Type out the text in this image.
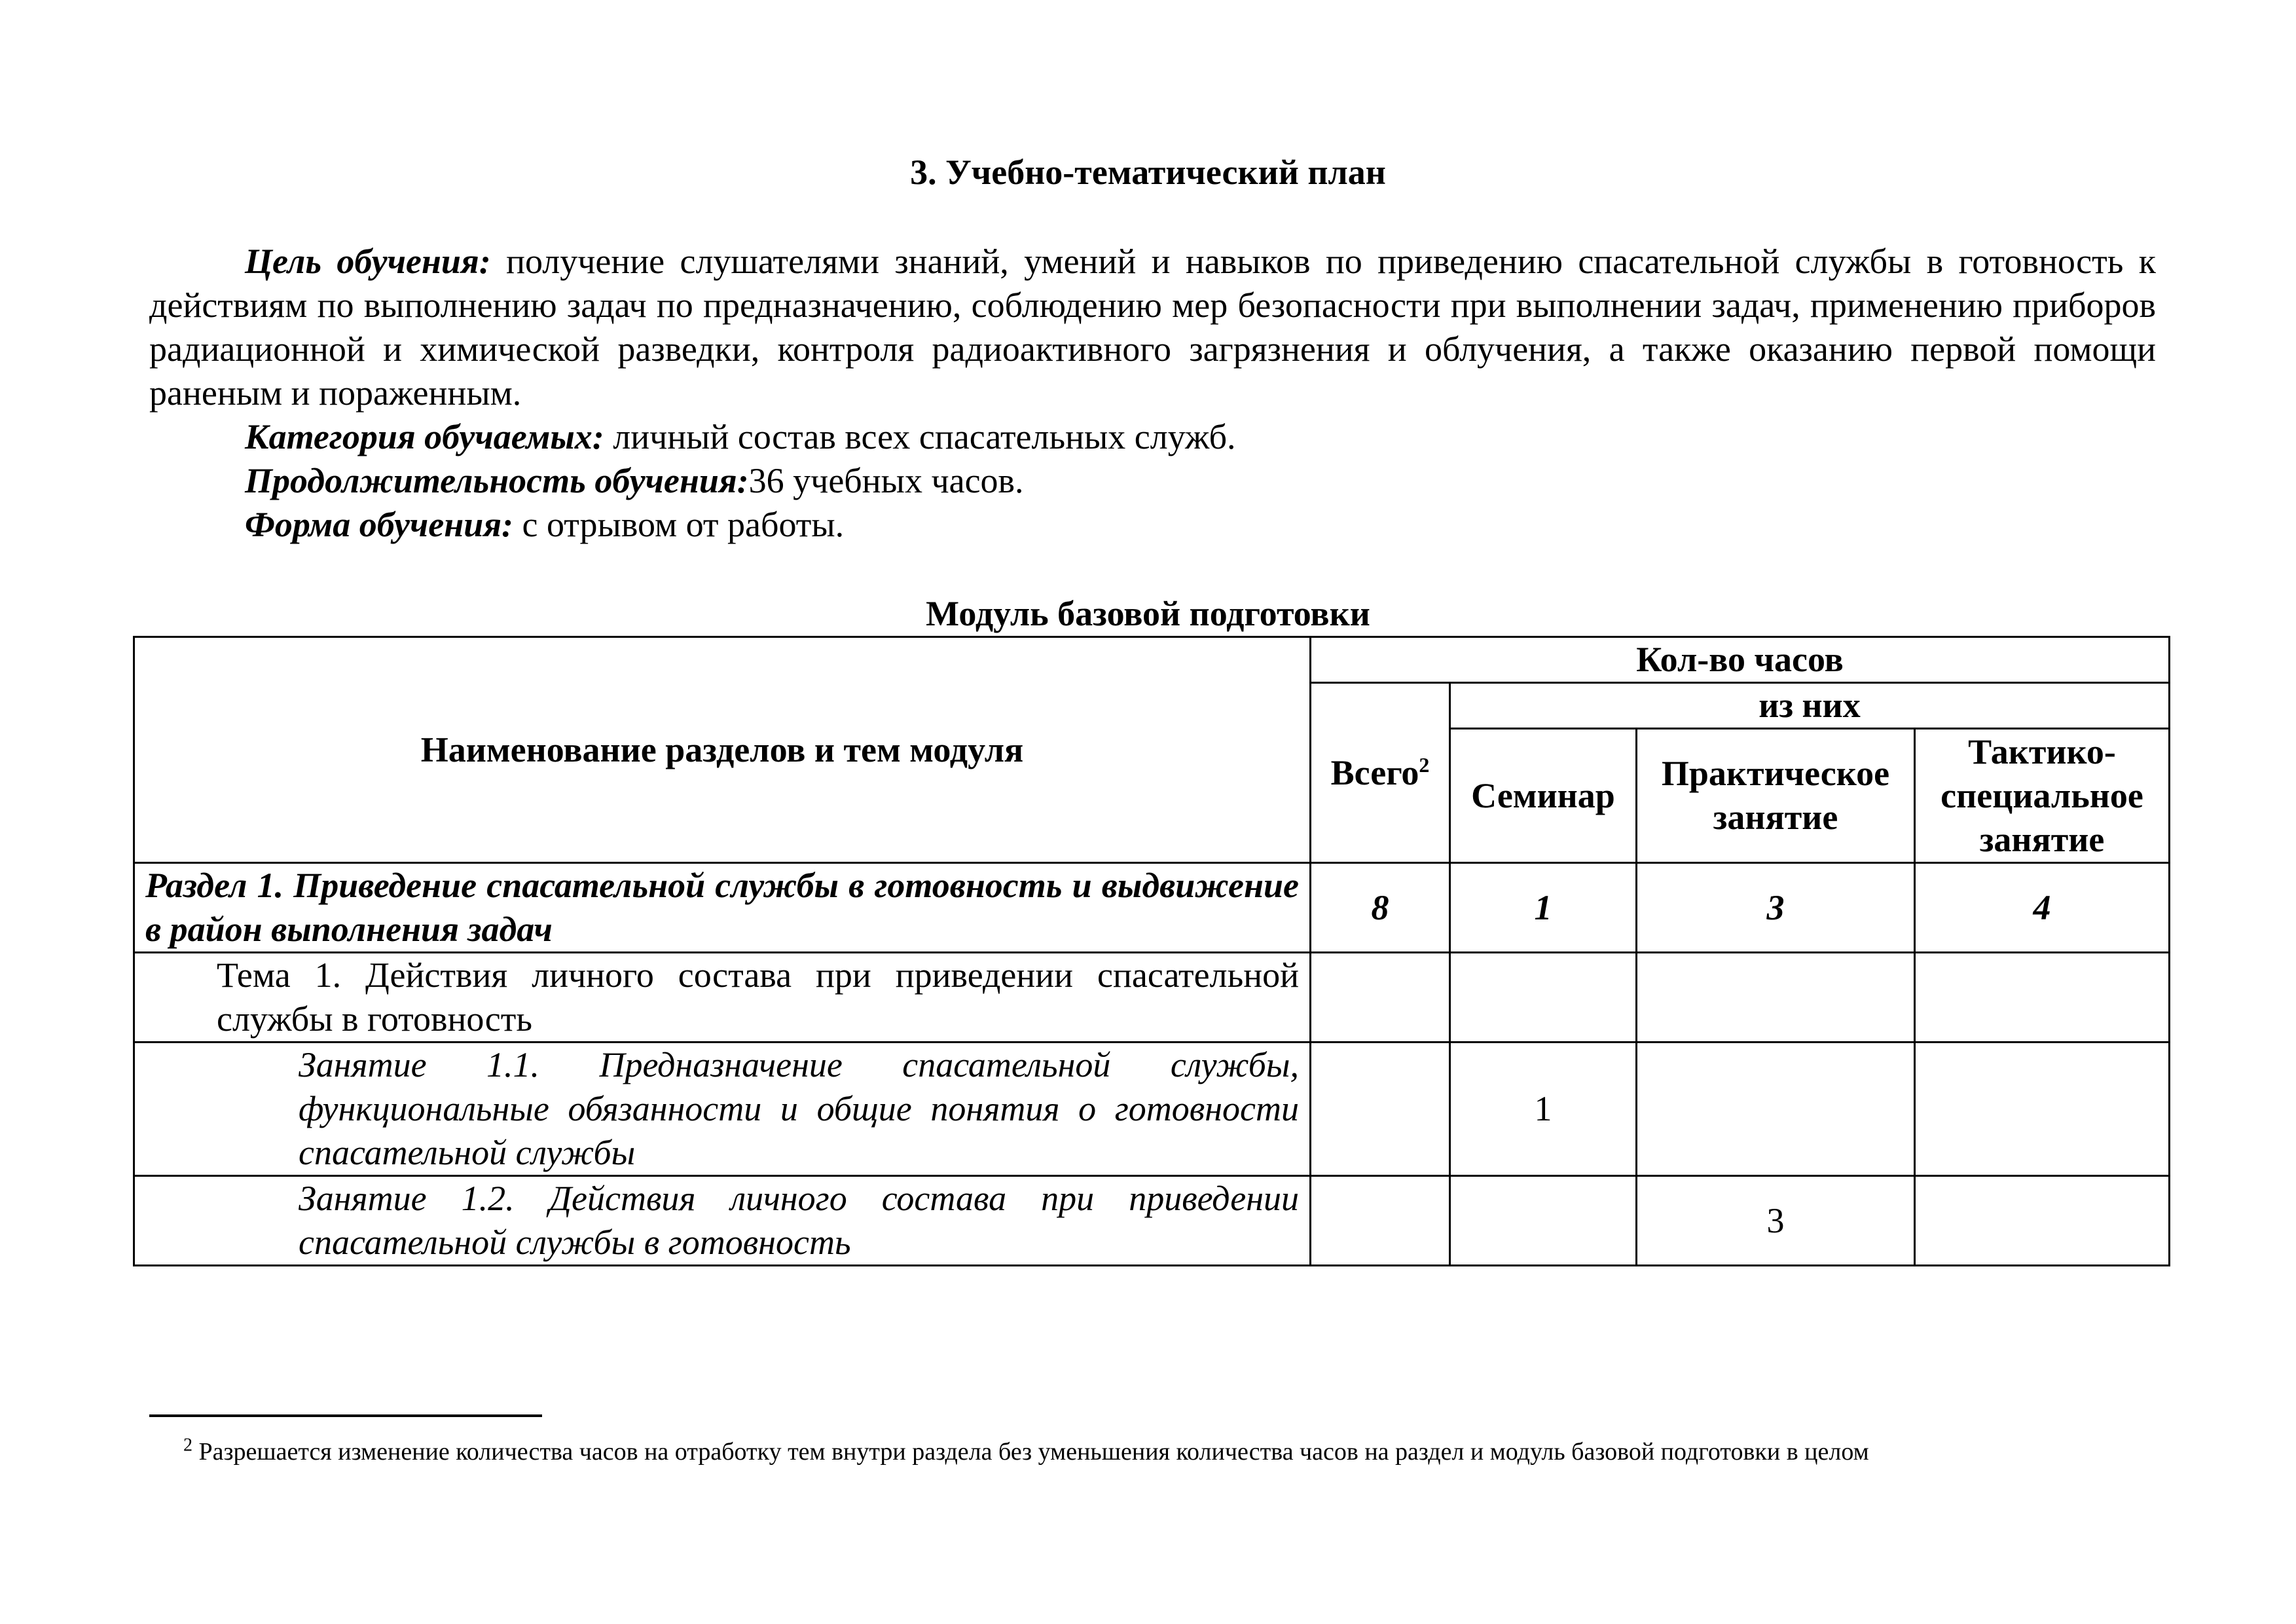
3. Учебно-тематический план

Цель обучения: получение слушателями знаний, умений и навыков по приведению спасательной службы в готовность к действиям по выполнению задач по предназначению, соблюдению мер безопасности при выполнении задач, применению приборов радиационной и химической разведки, контроля радиоактивного загрязнения и облучения, а также оказанию первой помощи раненым и пораженным.

Категория обучаемых: личный состав всех спасательных служб.

Продолжительность обучения:36 учебных часов.

Форма обучения: с отрывом от работы.

Модуль базовой подготовки
Наименование разделов и тем модуля	Кол-во часов			
	Всего$^2$	из них		
		Семинар	Практическое занятие	Тактико-специальное занятие
Раздел 1. Приведение спасательной службы в готовность и выдвижение в район выполнения задач	8	1	3	4
Тема 1. Действия личного состава при приведении спасательной службы в готовность				
Занятие 1.1. Предназначение спасательной службы, функциональные обязанности и общие понятия о готовности спасательной службы		1		
Занятие 1.2. Действия личного состава при приведении спасательной службы в готовность			3	
$^2$ Разрешается изменение количества часов на отработку тем внутри раздела без уменьшения количества часов на раздел и модуль базовой подготовки в целом
